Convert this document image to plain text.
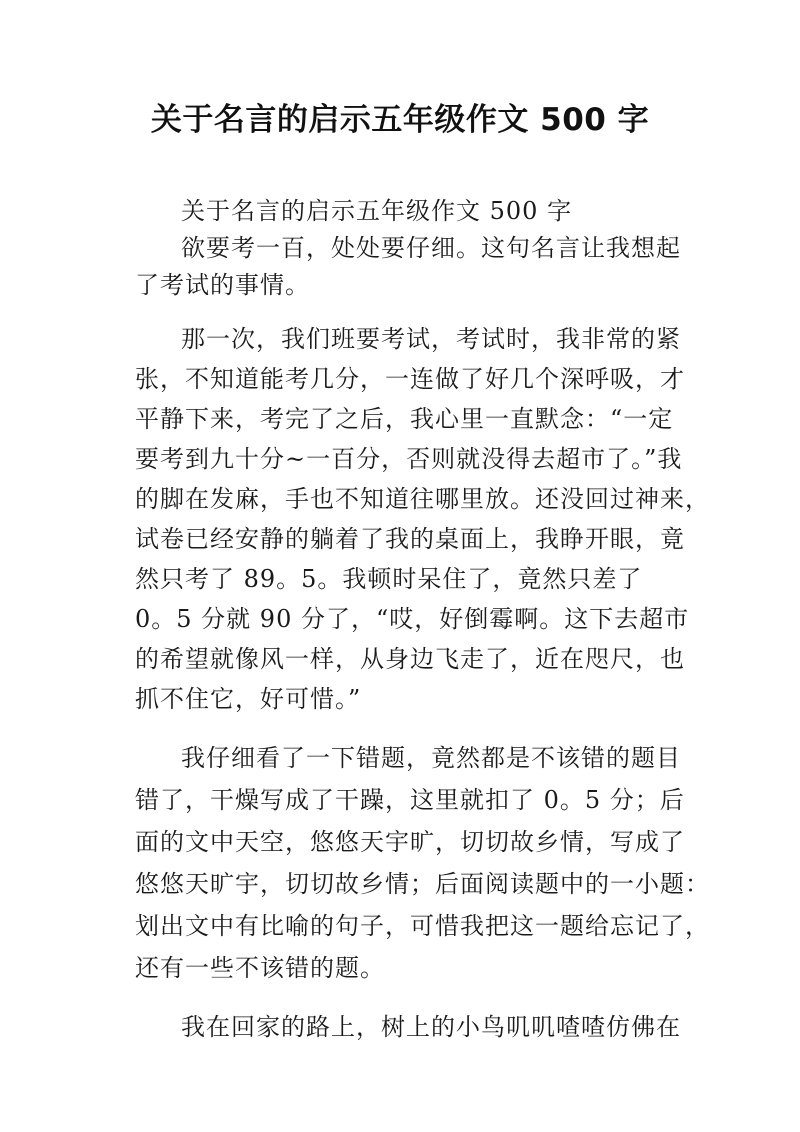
关于名言的启示五年级作文 500 字
关于名言的启示五年级作文 500 字
欲要考一百，处处要仔细。这句名言让我想起
了考试的事情。
那一次，我们班要考试，考试时，我非常的紧
张，不知道能考几分，一连做了好几个深呼吸，才
平静下来，考完了之后，我心里一直默念：“一定
要考到九十分~一百分，否则就没得去超市了。”我
的脚在发麻，手也不知道往哪里放。还没回过神来，
试卷已经安静的躺着了我的桌面上，我睁开眼，竟
然只考了 89。5。我顿时呆住了，竟然只差了
0。5 分就 90 分了，“哎，好倒霉啊。这下去超市
的希望就像风一样，从身边飞走了，近在咫尺，也
抓不住它，好可惜。”
我仔细看了一下错题，竟然都是不该错的题目
错了，干燥写成了干躁，这里就扣了 0。5 分；后
面的文中天空，悠悠天宇旷，切切故乡情，写成了
悠悠天旷宇，切切故乡情；后面阅读题中的一小题：
划出文中有比喻的句子，可惜我把这一题给忘记了，
还有一些不该错的题。
我在回家的路上，树上的小鸟叽叽喳喳仿佛在
